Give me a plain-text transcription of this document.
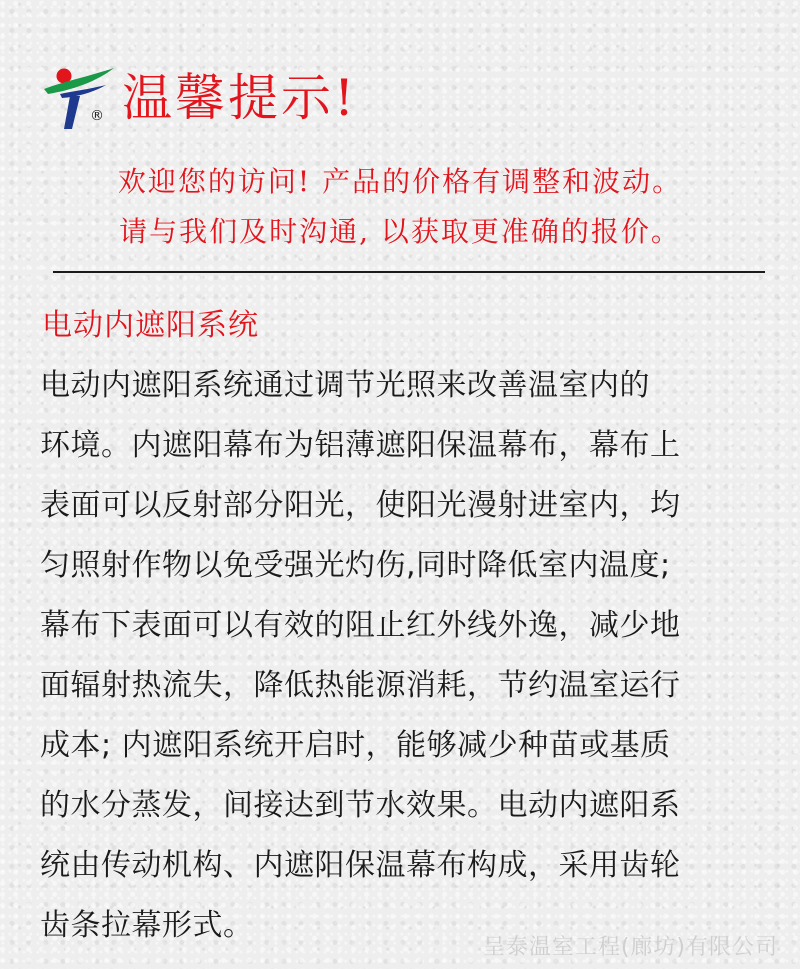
® 温馨提示!
欢迎您的访问! 产品的价格有调整和波动。
请与我们及时沟通, 以获取更准确的报价。
电动内遮阳系统

电动内遮阳系统通过调节光照来改善温室内的
环境。内遮阳幕布为铝薄遮阳保温幕布，幕布上
表面可以反射部分阳光，使阳光漫射进室内，均
匀照射作物以免受强光灼伤,同时降低室内温度;
幕布下表面可以有效的阻止红外线外逸，减少地
面辐射热流失，降低热能源消耗，节约温室运行
成本; 内遮阳系统开启时，能够减少种苗或基质
的水分蒸发，间接达到节水效果。电动内遮阳系
统由传动机构、内遮阳保温幕布构成，采用齿轮
齿条拉幕形式。

呈泰温室工程(廊坊)有限公司
